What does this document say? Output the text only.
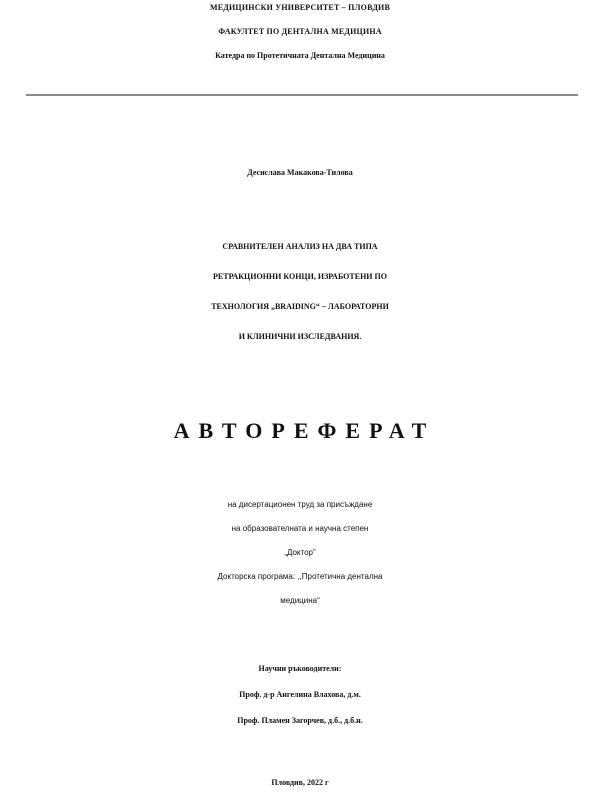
МЕДИЦИНСКИ УНИВЕРСИТЕТ – ПЛОВДИВ
ФАКУЛТЕТ ПО ДЕНТАЛНА МЕДИЦИНА
Катедра по Протетичната Дентална Медицина
Десислава Макакова-Тилова
СРАВНИТЕЛЕН АНАЛИЗ НА ДВА ТИПА
РЕТРАКЦИОННИ КОНЦИ, ИЗРАБОТЕНИ ПО
ТЕХНОЛОГИЯ „BRAIDING“ – ЛАБОРАТОРНИ
И КЛИНИЧНИ ИЗСЛЕДВАНИЯ.
АВТОРЕФЕРАТ
на дисертационен труд за присъждане
на образователната и научна степен
„Доктор”
Докторска програма: ,,Протетична дентална
медицина“
Научни ръководители:
Проф. д-р Ангелина Влахова, д.м.
Проф. Пламен Загорчев, д.б., д.б.н.
Пловдив, 2022 г
